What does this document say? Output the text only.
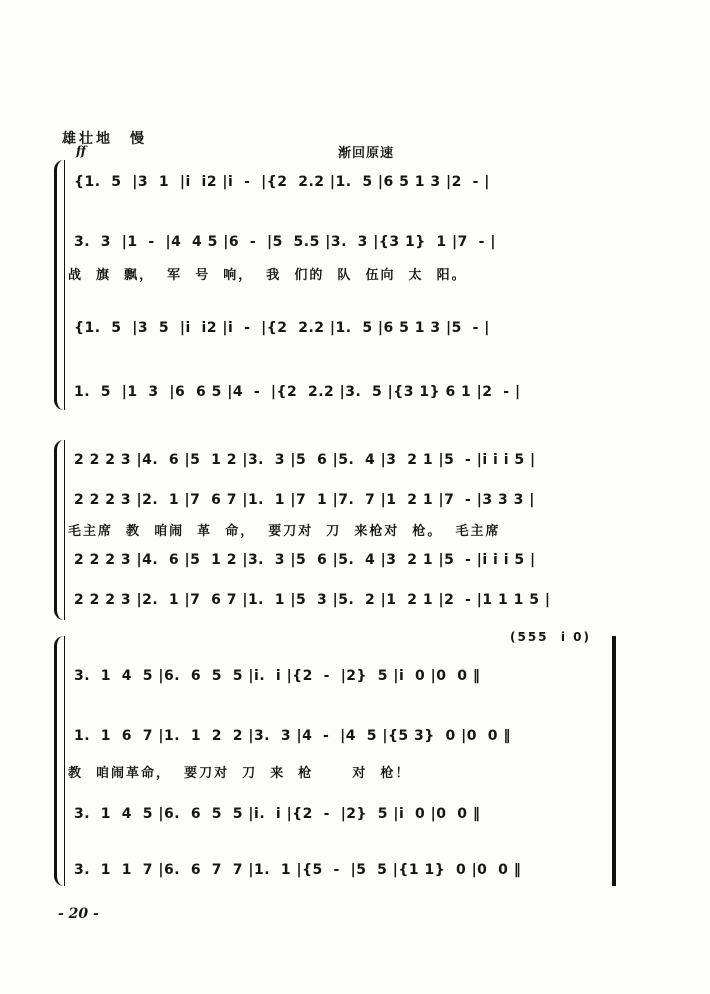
雄壮地　慢
渐回原速
ff
{1.  5  |3  1  |i  i2 |i  -  |{2  2.2 |1.  5 |6 5 1 3 |2  - |
3.  3  |1  -  |4  4 5 |6  -  |5  5.5 |3.  3 |{3 1}  1 |7  - |
战  旗  飘，  军  号  响，  我  们的  队  伍向  太  阳。
{1.  5  |3  5  |i  i2 |i  -  |{2  2.2 |1.  5 |6 5 1 3 |5  - |
1.  5  |1  3  |6  6 5 |4  -  |{2  2.2 |3.  5 |{3 1} 6 1 |2  - |
2 2 2 3 |4.  6 |5  1 2 |3.  3 |5  6 |5.  4 |3  2 1 |5  - |i i i 5 |
2 2 2 3 |2.  1 |7  6 7 |1.  1 |7  1 |7.  7 |1  2 1 |7  - |3 3 3 |
毛主席  教  咱闹  革  命，  要刀对  刀  来枪对  枪。  毛主席
2 2 2 3 |4.  6 |5  1 2 |3.  3 |5  6 |5.  4 |3  2 1 |5  - |i i i 5 |
2 2 2 3 |2.  1 |7  6 7 |1.  1 |5  3 |5.  2 |1  2 1 |2  - |1 1 1 5 |
(555  i 0)
3.  1  4  5 |6.  6  5  5 |i.  i |{2  -  |2}  5 |i  0 |0  0 ‖
1.  1  6  7 |1.  1  2  2 |3.  3 |4  -  |4  5 |{5 3}  0 |0  0 ‖
教  咱闹革命，  要刀对  刀  来  枪      对  枪！
3.  1  4  5 |6.  6  5  5 |i.  i |{2  -  |2}  5 |i  0 |0  0 ‖
3.  1  1  7 |6.  6  7  7 |1.  1 |{5  -  |5  5 |{1 1}  0 |0  0 ‖
- 20 -
